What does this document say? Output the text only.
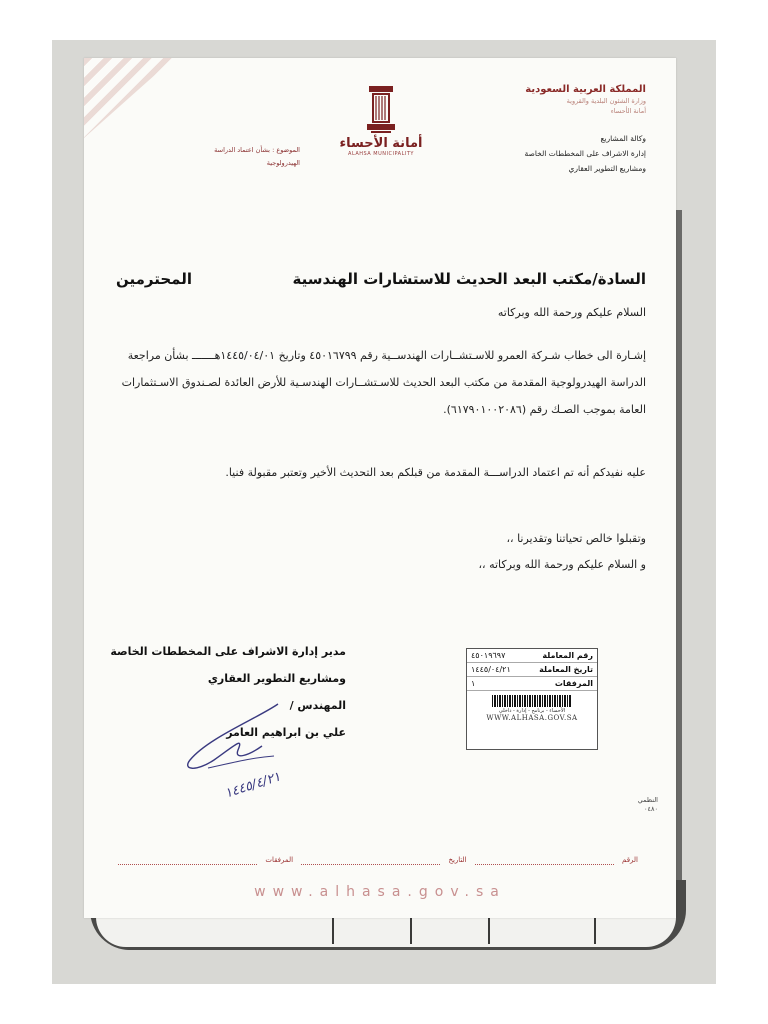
المملكة العربية السعودية
وزارة الشئون البلدية والقروية
أمانة الأحساء
وكالة المشاريع
إدارة الاشراف على المخططات الخاصة
ومشاريع التطوير العقاري
أمانة الأحساء
ALAHSA MUNICIPALITY
الموضوع : بشأن اعتماد الدراسة
الهيدرولوجية
السادة/مكتب البعد الحديث للاستشارات الهندسية
المحترمين
السلام عليكم ورحمة الله وبركاته
إشـارة الى خطاب شـركة العمرو للاسـتشــارات الهندســية رقم ٤٥٠١٦٧٩٩ وتاريخ ١٤٤٥/٠٤/٠١هـــــــ بشأن مراجعة الدراسة الهيدرولوجية المقدمة من مكتب البعد الحديث للاسـتشــارات الهندسـية للأرض العائدة لصـندوق الاسـتثمارات العامة بموجب الصـك رقم (٦١٧٩٠١٠٠٢٠٨٦).
عليه نفيدكم أنه تم اعتماد الدراســـة المقدمة من قبلكم بعد التحديث الأخير وتعتبر مقبولة فنيا.
وتقبلوا خالص تحياتنا وتقديرنا ،،
و السلام عليكم ورحمة الله وبركاته ،،
مدير إدارة الاشراف على المخططات الخاصة
ومشاريع التطوير العقاري
المهندس /
علي بن ابراهيم العامر
١٤٤٥/٤/٢١
رقم المعاملة
٤٥٠١٩٦٩٧
تاريخ المعاملة
١٤٤٥/٠٤/٢١
المرفقات
١
الأحساء - برنامج - إدارة - داخلي
WWW.ALHASA.GOV.SA
النظمي
٠٤٨٠
الرقم
التاريخ
المرفقات
www.alhasa.gov.sa
